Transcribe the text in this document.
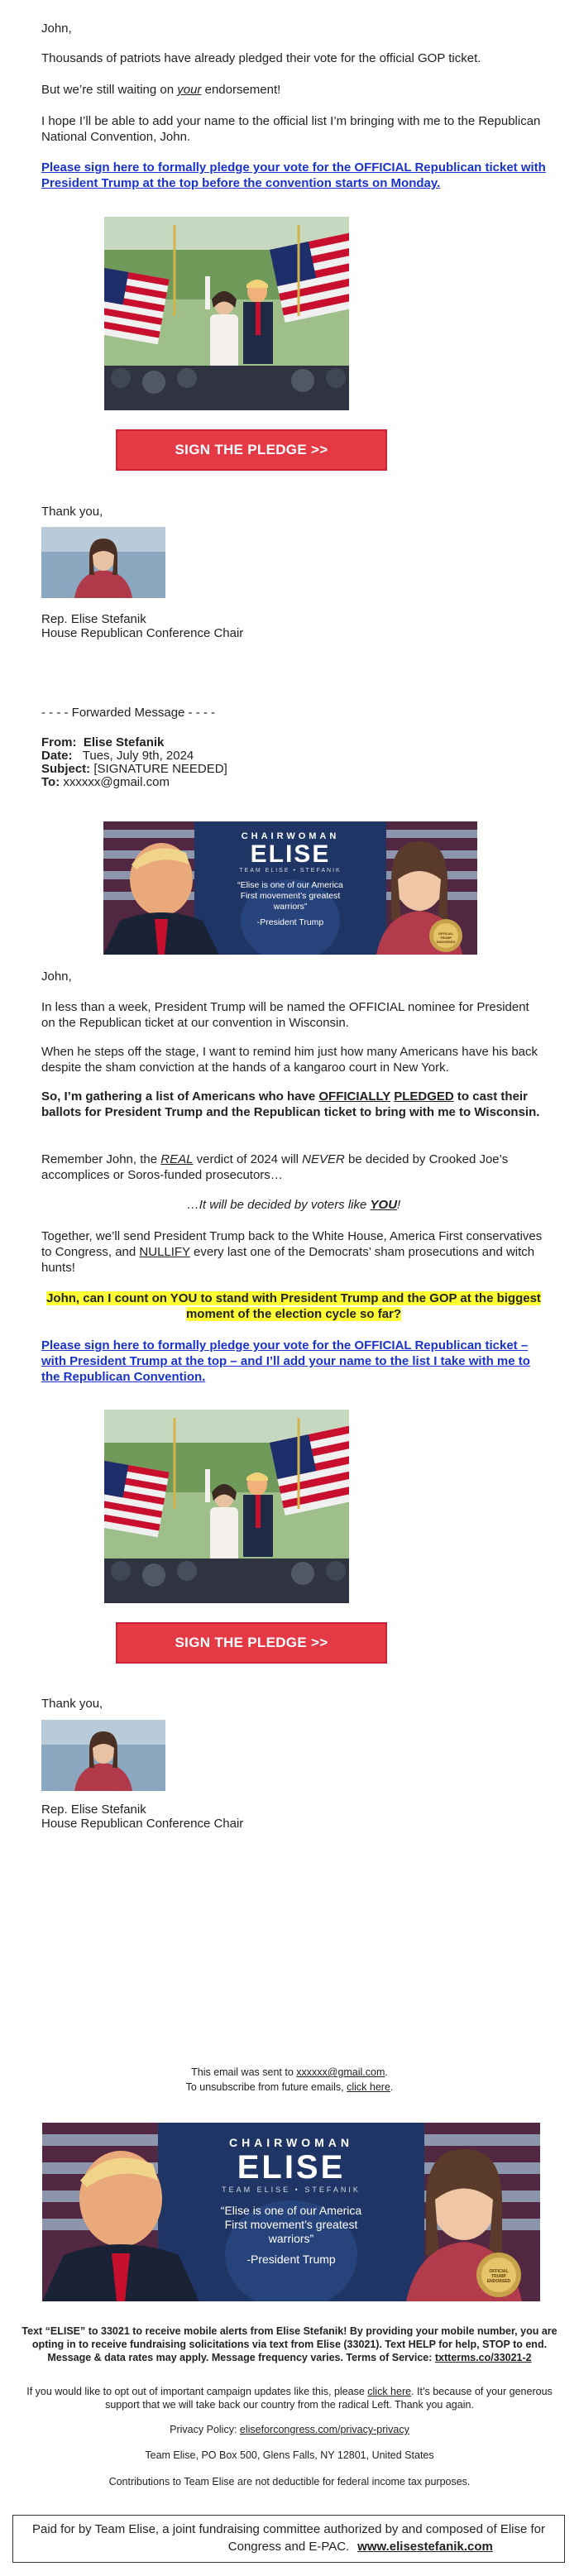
John,

Thousands of patriots have already pledged their vote for the official GOP ticket.

But we’re still waiting on your endorsement!

I hope I’ll be able to add your name to the official list I’m bringing with me to the Republican National Convention, John.

Please sign here to formally pledge your vote for the OFFICIAL Republican ticket with President Trump at the top before the convention starts on Monday.

SIGN THE PLEDGE >>

Thank you,

Rep. Elise Stefanik

House Republican Conference Chair

- - - - Forwarded Message - - - -

From: Elise Stefanik
Date: Tues, July 9th, 2024
Subject: [SIGNATURE NEEDED]
To: xxxxxx@gmail.com
CHAIRWOMAN
ELISE
TEAM ELISE • STEFANIK
“Elise is one of our America First movement’s greatest warriors”
-President Trump
OFFICIAL TRUMP ENDORSED

John,

In less than a week, President Trump will be named the OFFICIAL nominee for President on the Republican ticket at our convention in Wisconsin.

When he steps off the stage, I want to remind him just how many Americans have his back despite the sham conviction at the hands of a kangaroo court in New York.

So, I’m gathering a list of Americans who have OFFICIALLY PLEDGED to cast their ballots for President Trump and the Republican ticket to bring with me to Wisconsin.

Remember John, the REAL verdict of 2024 will NEVER be decided by Crooked Joe’s accomplices or Soros-funded prosecutors…

…It will be decided by voters like YOU!

Together, we’ll send President Trump back to the White House, America First conservatives to Congress, and NULLIFY every last one of the Democrats’ sham prosecutions and witch hunts!

John, can I count on YOU to stand with President Trump and the GOP at the biggest moment of the election cycle so far?

Please sign here to formally pledge your vote for the OFFICIAL Republican ticket – with President Trump at the top – and I’ll add your name to the list I take with me to the Republican Convention.

SIGN THE PLEDGE >>

Thank you,

Rep. Elise Stefanik

House Republican Conference Chair

This email was sent to xxxxxx@gmail.com.
To unsubscribe from future emails, click here.
CHAIRWOMAN
ELISE
TEAM ELISE • STEFANIK
“Elise is one of our America First movement’s greatest warriors”
-President Trump
OFFICIAL TRUMP ENDORSED
Text “ELISE” to 33021 to receive mobile alerts from Elise Stefanik! By providing your mobile number, you are opting in to receive fundraising solicitations via text from Elise (33021). Text HELP for help, STOP to end. Message & data rates may apply. Message frequency varies. Terms of Service: txtterms.co/33021-2
If you would like to opt out of important campaign updates like this, please click here. It’s because of your generous support that we will take back our country from the radical Left. Thank you again.
Privacy Policy: eliseforcongress.com/privacy-privacy
Team Elise, PO Box 500, Glens Falls, NY 12801, United States
Contributions to Team Elise are not deductible for federal income tax purposes.
Paid for by Team Elise, a joint fundraising committee authorized by and composed of Elise for Congress and E-PAC. www.elisestefanik.com
